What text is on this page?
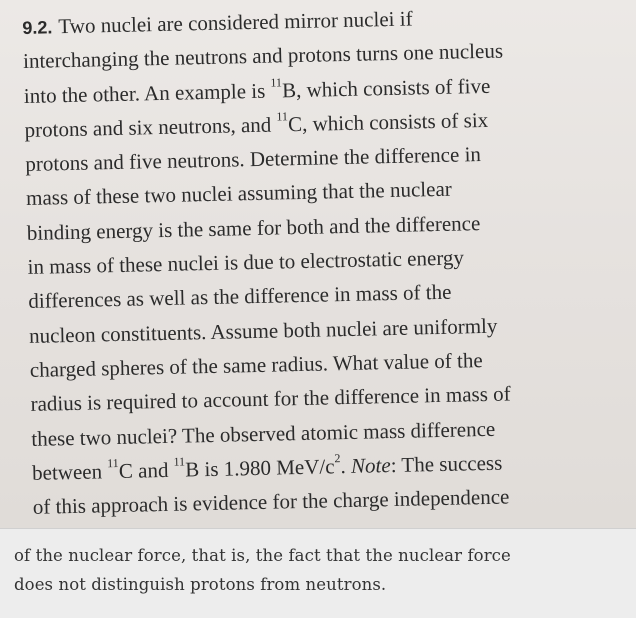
9.2. Two nuclei are considered mirror nuclei if
interchanging the neutrons and protons turns one nucleus
into the other. An example is $^{11}$B, which consists of five
protons and six neutrons, and $^{11}$C, which consists of six
protons and five neutrons. Determine the difference in
mass of these two nuclei assuming that the nuclear
binding energy is the same for both and the difference
in mass of these nuclei is due to electrostatic energy
differences as well as the difference in mass of the
nucleon constituents. Assume both nuclei are uniformly
charged spheres of the same radius. What value of the
radius is required to account for the difference in mass of
these two nuclei? The observed atomic mass difference
between $^{11}$C and $^{11}$B is 1.980 MeV/$c^2$. Note: The success
of this approach is evidence for the charge independence
of the nuclear force, that is, the fact that the nuclear force
does not distinguish protons from neutrons.
